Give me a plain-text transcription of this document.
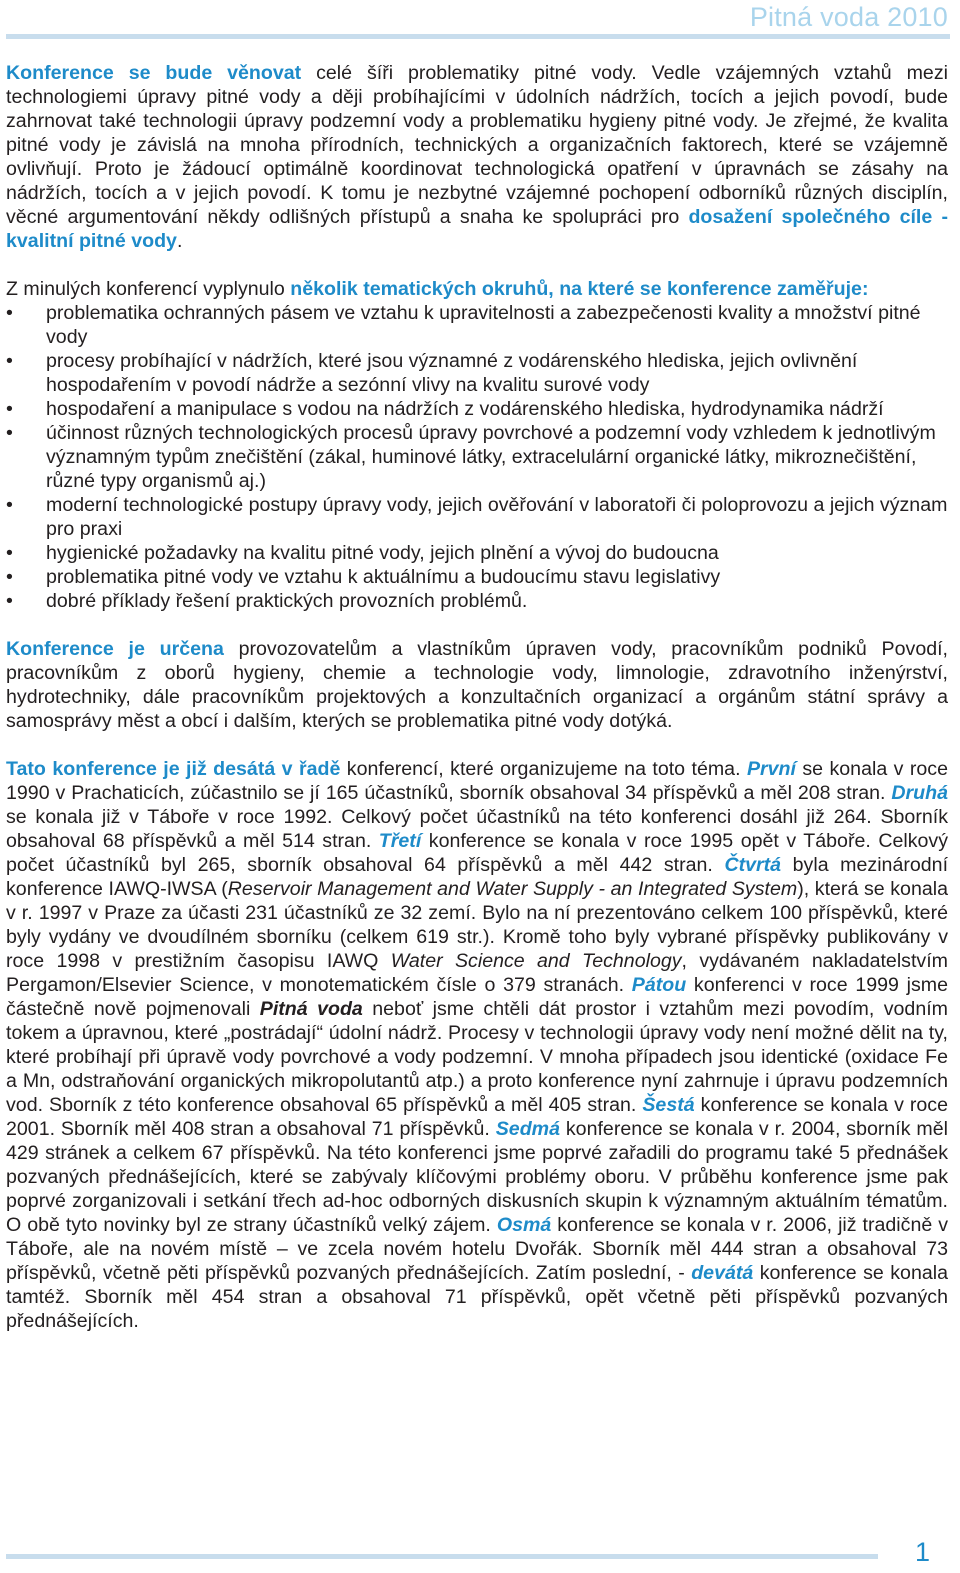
Pitná voda 2010

Konference se bude věnovat celé šíři problematiky pitné vody. Vedle vzájemných vztahů mezi technologiemi úpravy pitné vody a ději probíhajícími v údolních nádržích, tocích a jejich povodí, bude zahrnovat také technologii úpravy podzemní vody a problematiku hygieny pitné vody. Je zřejmé, že kvalita pitné vody je závislá na mnoha přírodních, technických a organizačních faktorech, které se vzájemně ovlivňují. Proto je žádoucí optimálně koordinovat technologická opatření v úpravnách se zásahy na nádržích, tocích a v jejich povodí. K tomu je nezbytné vzájemné pochopení odborníků různých disciplín, věcné argumentování někdy odlišných přístupů a snaha ke spolupráci pro dosažení společného cíle - kvalitní pitné vody.

Z minulých konferencí vyplynulo několik tematických okruhů, na které se konference zaměřuje:

• problematika ochranných pásem ve vztahu k upravitelnosti a zabezpečenosti kvality a množství pitné vody
• procesy probíhající v nádržích, které jsou významné z vodárenského hlediska, jejich ovlivnění hospodařením v povodí nádrže a sezónní vlivy na kvalitu surové vody
• hospodaření a manipulace s vodou na nádržích z vodárenského hlediska, hydrodynamika nádrží
• účinnost různých technologických procesů úpravy povrchové a podzemní vody vzhledem k jednotlivým významným typům znečištění (zákal, huminové látky, extracelulární organické látky, mikroznečištění, různé typy organismů aj.)
• moderní technologické postupy úpravy vody, jejich ověřování v laboratoři či poloprovozu a jejich význam pro praxi
• hygienické požadavky na kvalitu pitné vody, jejich plnění a vývoj do budoucna
• problematika pitné vody ve vztahu k aktuálnímu a budoucímu stavu legislativy
• dobré příklady řešení praktických provozních problémů.

Konference je určena provozovatelům a vlastníkům úpraven vody, pracovníkům podniků Povodí, pracovníkům z oborů hygieny, chemie a technologie vody, limnologie, zdravotního inženýrství, hydrotechniky, dále pracovníkům projektových a konzultačních organizací a orgánům státní správy a samosprávy měst a obcí i dalším, kterých se problematika pitné vody dotýká.

Tato konference je již desátá v řadě konferencí, které organizujeme na toto téma. První se konala v roce 1990 v Prachaticích, zúčastnilo se jí 165 účastníků, sborník obsahoval 34 příspěvků a měl 208 stran. Druhá se konala již v Táboře v roce 1992. Celkový počet účastníků na této konferenci dosáhl již 264. Sborník obsahoval 68 příspěvků a měl 514 stran. Třetí konference se konala v roce 1995 opět v Táboře. Celkový počet účastníků byl 265, sborník obsahoval 64 příspěvků a měl 442 stran. Čtvrtá byla mezinárodní konference IAWQ-IWSA (Reservoir Management and Water Supply - an Integrated System), která se konala v r. 1997 v Praze za účasti 231 účastníků ze 32 zemí. Bylo na ní prezentováno celkem 100 příspěvků, které byly vydány ve dvoudílném sborníku (celkem 619 str.). Kromě toho byly vybrané příspěvky publikovány v roce 1998 v prestižním časopisu IAWQ Water Science and Technology, vydávaném nakladatelstvím Pergamon/Elsevier Science, v monotematickém čísle o 379 stranách. Pátou konferenci v roce 1999 jsme částečně nově pojmenovali Pitná voda neboť jsme chtěli dát prostor i vztahům mezi povodím, vodním tokem a úpravnou, které „postrádají“ údolní nádrž. Procesy v technologii úpravy vody není možné dělit na ty, které probíhají při úpravě vody povrchové a vody podzemní. V mnoha případech jsou identické (oxidace Fe a Mn, odstraňování organických mikropolutantů atp.) a proto konference nyní zahrnuje i úpravu podzemních vod. Sborník z této konference obsahoval 65 příspěvků a měl 405 stran. Šestá konference se konala v roce 2001. Sborník měl 408 stran a obsahoval 71 příspěvků. Sedmá konference se konala v r. 2004, sborník měl 429 stránek a celkem 67 příspěvků. Na této konferenci jsme poprvé zařadili do programu také 5 přednášek pozvaných přednášejících, které se zabývaly klíčovými problémy oboru. V průběhu konference jsme pak poprvé zorganizovali i setkání třech ad-hoc odborných diskusních skupin k významným aktuálním tématům. O obě tyto novinky byl ze strany účastníků velký zájem. Osmá konference se konala v r. 2006, již tradičně v Táboře, ale na novém místě – ve zcela novém hotelu Dvořák. Sborník měl 444 stran a obsahoval 73 příspěvků, včetně pěti příspěvků pozvaných přednášejících. Zatím poslední, - devátá konference se konala tamtéž. Sborník měl 454 stran a obsahoval 71 příspěvků, opět včetně pěti příspěvků pozvaných přednášejících.

1
